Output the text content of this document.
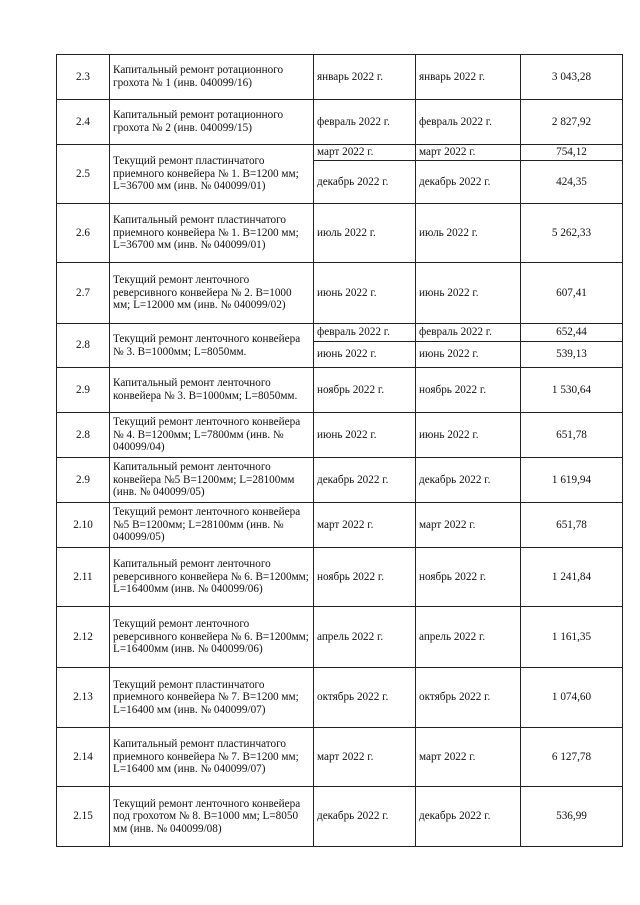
2.3	Капитальный ремонт ротационного грохота № 1 (инв. 040099/16)	январь 2022 г.	январь 2022 г.	3 043,28
2.4	Капитальный ремонт ротационного грохота № 2 (инв. 040099/15)	февраль 2022 г.	февраль 2022 г.	2 827,92
2.5	Текущий ремонт пластинчатого приемного конвейера № 1. В=1200 мм; L=36700 мм (инв. № 040099/01)	март 2022 г.	март 2022 г.	754,12
		декабрь 2022 г.	декабрь 2022 г.	424,35
2.6	Капитальный ремонт пластинчатого приемного конвейера № 1. В=1200 мм; L=36700 мм (инв. № 040099/01)	июль 2022 г.	июль 2022 г.	5 262,33
2.7	Текущий ремонт ленточного реверсивного конвейера № 2. В=1000 мм; L=12000 мм (инв. № 040099/02)	июнь 2022 г.	июнь 2022 г.	607,41
2.8	Текущий ремонт ленточного конвейера № 3. В=1000мм; L=8050мм.	февраль 2022 г.	февраль 2022 г.	652,44
		июнь 2022 г.	июнь 2022 г.	539,13
2.9	Капитальный ремонт ленточного конвейера № 3. В=1000мм; L=8050мм.	ноябрь 2022 г.	ноябрь 2022 г.	1 530,64
2.8	Текущий ремонт ленточного конвейера № 4. В=1200мм; L=7800мм (инв. № 040099/04)	июнь 2022 г.	июнь 2022 г.	651,78
2.9	Капитальный ремонт ленточного конвейера №5 В=1200мм; L=28100мм (инв. № 040099/05)	декабрь 2022 г.	декабрь 2022 г.	1 619,94
2.10	Текущий ремонт ленточного конвейера №5 В=1200мм; L=28100мм (инв. № 040099/05)	март 2022 г.	март 2022 г.	651,78
2.11	Капитальный ремонт ленточного реверсивного конвейера № 6. В=1200мм; L=16400мм (инв. № 040099/06)	ноябрь 2022 г.	ноябрь 2022 г.	1 241,84
2.12	Текущий ремонт ленточного реверсивного конвейера № 6. В=1200мм; L=16400мм (инв. № 040099/06)	апрель 2022 г.	апрель 2022 г.	1 161,35
2.13	Текущий ремонт пластинчатого приемного конвейера № 7. В=1200 мм; L=16400 мм (инв. № 040099/07)	октябрь 2022 г.	октябрь 2022 г.	1 074,60
2.14	Капитальный ремонт пластинчатого приемного конвейера № 7. В=1200 мм; L=16400 мм (инв. № 040099/07)	март 2022 г.	март 2022 г.	6 127,78
2.15	Текущий ремонт ленточного конвейера под грохотом № 8. В=1000 мм; L=8050 мм (инв. № 040099/08)	декабрь 2022 г.	декабрь 2022 г.	536,99
